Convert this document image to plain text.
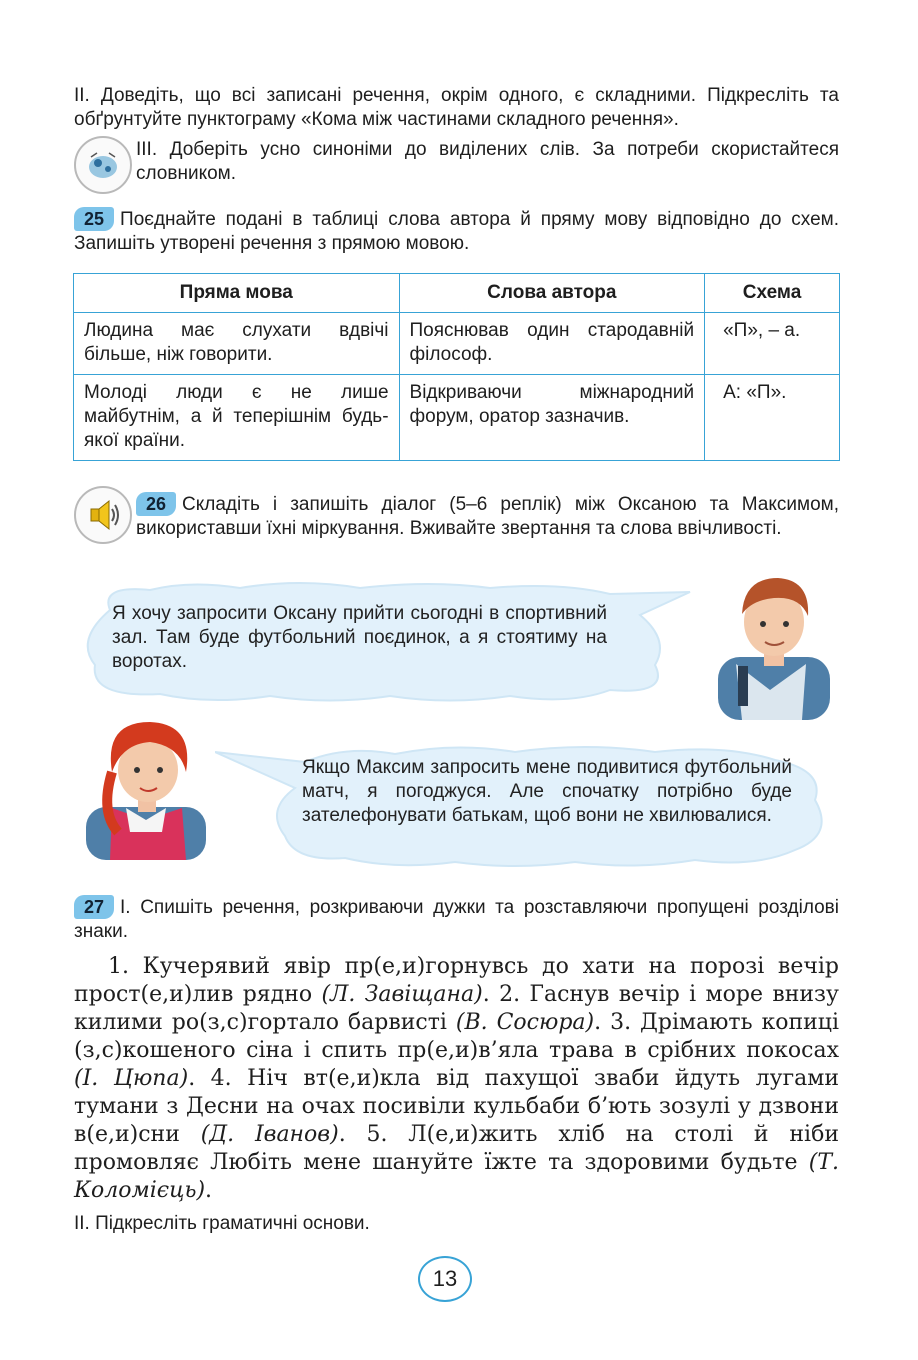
ІІ. Доведіть, що всі записані речення, окрім одного, є складними. Підкресліть та обґрунтуйте пунктограму «Кома між частинами складного речення».

ІІІ. Доберіть усно синоніми до виділених слів. За потреби скористайтеся словником.

25 Поєднайте подані в таблиці слова автора й пряму мову відповідно до схем. Запишіть утворені речення з прямою мовою.

Пряма мова	Слова автора	Схема
Людина має слухати вдвічі більше, ніж говорити.	Пояснював один стародавній філософ.	«П», – а.
Молоді люди є не лише майбутнім, а й теперішнім будь-якої країни.	Відкриваючи міжнародний форум, оратор зазначив.	А: «П».

26 Складіть і запишіть діалог (5–6 реплік) між Оксаною та Максимом, використавши їхні міркування. Вживайте звертання та слова ввічливості.

Я хочу запросити Оксану прийти сьогодні в спортивний зал. Там буде футбольний поєдинок, а я стоятиму на воротах.
Якщо Максим запросить мене подивитися футбольний матч, я погоджуся. Але спочатку потрібно буде зателефонувати батькам, щоб вони не хвилювалися.

27 І. Спишіть речення, розкриваючи дужки та розставляючи пропущені розділові знаки.

1. Кучерявий явір пр(е,и)горнувсь до хати на порозі вечір прост(е,и)лив рядно (Л. Завіщана). 2. Гаснув вечір і море внизу килими ро(з,с)гортало барвисті (В. Сосюра). 3. Дрімають копиці (з,с)кошеного сіна і спить пр(е,и)в’яла трава в срібних покосах (І. Цюпа). 4. Ніч вт(е,и)кла від пахущої зваби йдуть лугами тумани з Десни на очах посивіли кульбаби б’ють зозулі у дзвони в(е,и)сни (Д. Іванов). 5. Л(е,и)жить хліб на столі й ніби промовляє Любіть мене шануйте їжте та здоровими будьте (Т. Коломієць).

ІІ. Підкресліть граматичні основи.

13
